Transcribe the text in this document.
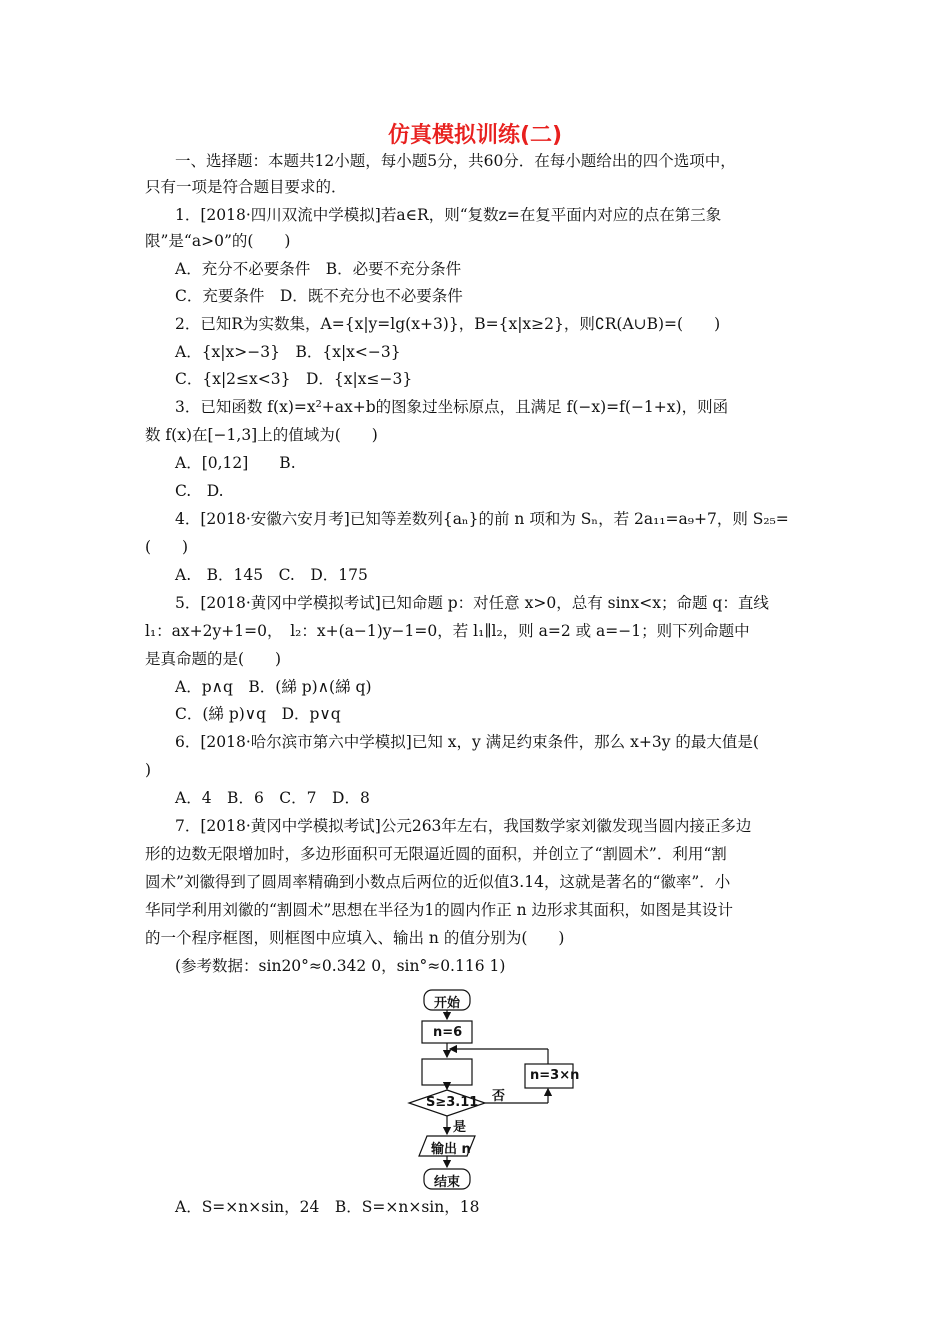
仿真模拟训练(二)
一、选择题：本题共12小题，每小题5分，共60分．在每小题给出的四个选项中，
只有一项是符合题目要求的．
1．[2018·四川双流中学模拟]若a∈R，则“复数z=在复平面内对应的点在第三象
限”是“a>0”的(　　)
A．充分不必要条件　B．必要不充分条件
C．充要条件　D．既不充分也不必要条件
2．已知R为实数集，A={x|y=lg(x+3)}，B={x|x≥2}，则∁R(A∪B)=(　　)
A．{x|x>−3}　B．{x|x<−3}
C．{x|2≤x<3}　D．{x|x≤−3}
3．已知函数 f(x)=x²+ax+b的图象过坐标原点，且满足 f(−x)=f(−1+x)，则函
数 f(x)在[−1,3]上的值域为(　　)
A．[0,12]　　B.
C.　D.
4．[2018·安徽六安月考]已知等差数列{aₙ}的前 n 项和为 Sₙ，若 2a₁₁=a₉+7，则 S₂₅=
(　　)
A.　B．145　C.　D．175
5．[2018·黄冈中学模拟考试]已知命题 p：对任意 x>0，总有 sinx<x；命题 q：直线
l₁：ax+2y+1=0，　l₂：x+(a−1)y−1=0，若 l₁∥l₂，则 a=2 或 a=−1；则下列命题中
是真命题的是(　　)
A．p∧q　B．(綈 p)∧(綈 q)
C．(綈 p)∨q　D．p∨q
6．[2018·哈尔滨市第六中学模拟]已知 x，y 满足约束条件，那么 x+3y 的最大值是(
)
A．4　B．6　C．7　D．8
7．[2018·黄冈中学模拟考试]公元263年左右，我国数学家刘徽发现当圆内接正多边
形的边数无限增加时，多边形面积可无限逼近圆的面积，并创立了“割圆术”．利用“割
圆术”刘徽得到了圆周率精确到小数点后两位的近似值3.14，这就是著名的“徽率”．小
华同学利用刘徽的“割圆术”思想在半径为1的圆内作正 n 边形求其面积，如图是其设计
的一个程序框图，则框图中应填入、输出 n 的值分别为(　　)
(参考数据：sin20°≈0.342 0，sin°≈0.116 1)
开始
n=6
n=3×n
S≥3.11 否
是
输出 n
结束
A．S=×n×sin，24　B．S=×n×sin，18
